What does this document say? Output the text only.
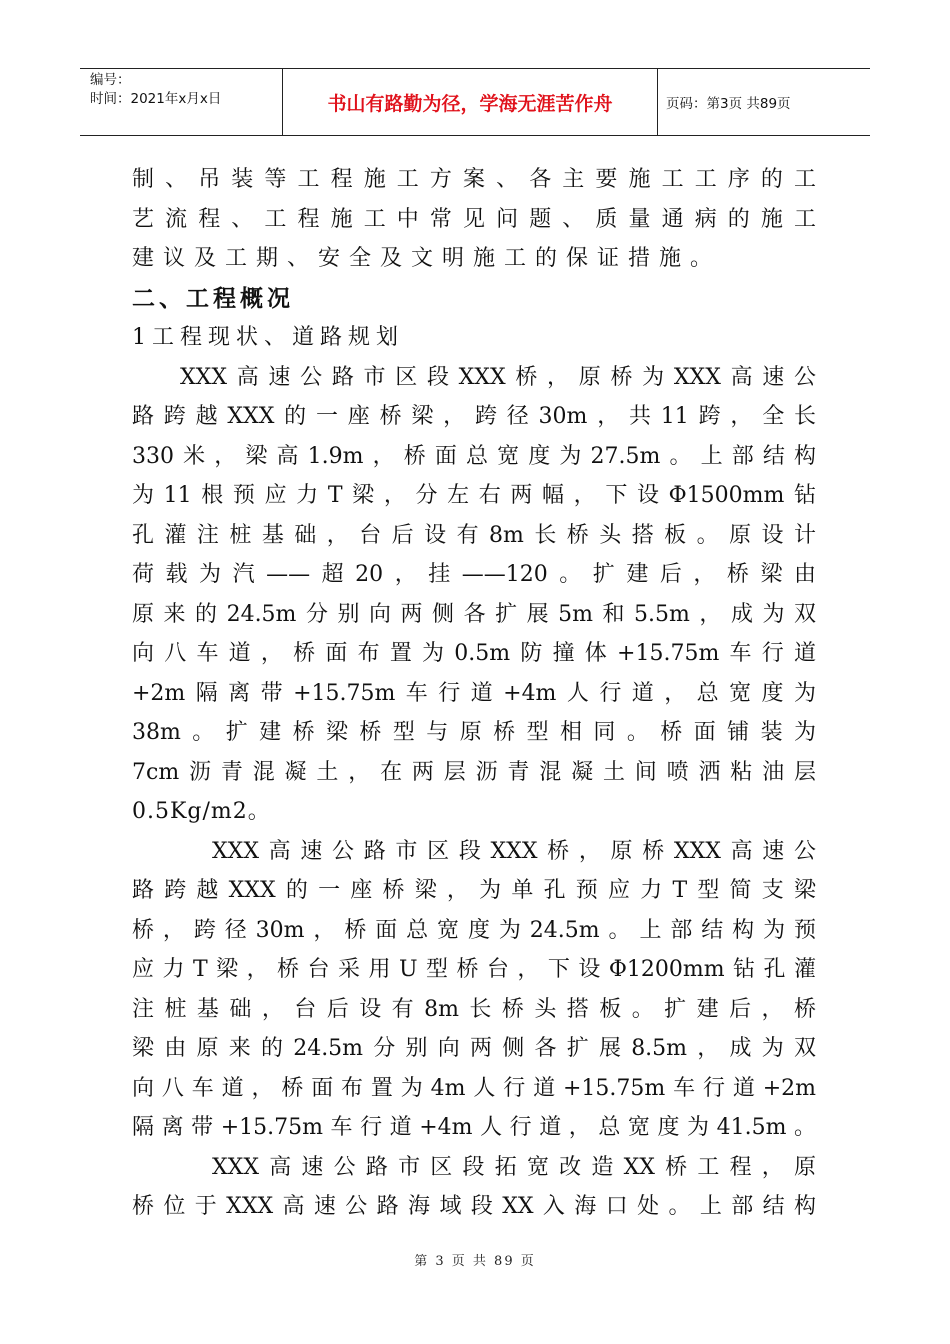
编号：
时间：2021年x月x日	书山有路勤为径，学海无涯苦作舟	页码：第3页 共89页
制、吊装等工程施工方案、各主要施工工序的工
艺流程、工程施工中常见问题、质量通病的施工
建议及工期、安全及文明施工的保证措施。
二、工程概况
1工程现状、道路规划
XXX高速公路市区段XXX桥，原桥为XXX高速公
路跨越XXX的一座桥梁，跨径30m，共11跨，全长
330米，梁高1.9m，桥面总宽度为27.5m。上部结构
为11根预应力T梁，分左右两幅，下设Φ1500mm钻
孔灌注桩基础，台后设有8m长桥头搭板。原设计
荷载为汽——超20，挂——120。扩建后，桥梁由
原来的24.5m分别向两侧各扩展5m和5.5m，成为双
向八车道，桥面布置为0.5m防撞体+15.75m车行道
+2m隔离带+15.75m车行道+4m人行道，总宽度为
38m。扩建桥梁桥型与原桥型相同。桥面铺装为
7cm沥青混凝土，在两层沥青混凝土间喷洒粘油层
0.5Kg/m2。
XXX高速公路市区段XXX桥，原桥XXX高速公
路跨越XXX的一座桥梁，为单孔预应力T型简支梁
桥，跨径30m，桥面总宽度为24.5m。上部结构为预
应力T梁，桥台采用U型桥台，下设Φ1200mm钻孔灌
注桩基础，台后设有8m长桥头搭板。扩建后，桥
梁由原来的24.5m分别向两侧各扩展8.5m，成为双
向八车道，桥面布置为4m人行道+15.75m车行道+2m
隔离带+15.75m车行道+4m人行道，总宽度为41.5m。
XXX高速公路市区段拓宽改造XX桥工程，原
桥位于XXX高速公路海域段XX入海口处。上部结构
第 3 页 共 89 页
